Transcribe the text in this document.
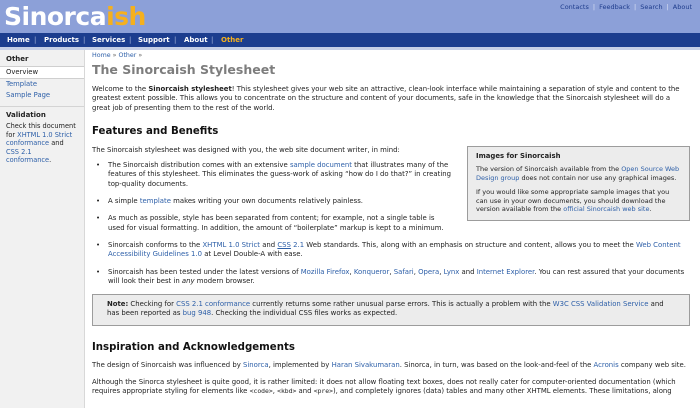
Sinorcaish	Contacts | Feedback | Search | About
Home | Products | Services | Support | About | Other
Other
Overview
Template
Sample Page
Validation
Check this document for XHTML 1.0 Strict conformance and CSS 2.1 conformance.
Home » Other »
The Sinorcaish Stylesheet

Welcome to the Sinorcaish stylesheet! This stylesheet gives your web site an attractive, clean-look interface while maintaining a separation of style and content to the greatest extent possible. This allows you to concentrate on the structure and content of your documents, safe in the knowledge that the Sinorcaish stylesheet will do a great job of presenting them to the rest of the world.

Features and Benefits

The Sinorcaish stylesheet was designed with you, the web site document writer, in mind:

• The Sinorcaish distribution comes with an extensive sample document that illustrates many of the features of this stylesheet. This eliminates the guess-work of asking “how do I do that?” in creating top-quality documents.
• A simple template makes writing your own documents relatively painless.
• As much as possible, style has been separated from content; for example, not a single table is used for visual formatting. In addition, the amount of “boilerplate” markup is kept to a minimum.
• Sinorcaish conforms to the XHTML 1.0 Strict and CSS 2.1 Web standards. This, along with an emphasis on structure and content, allows you to meet the Web Content Accessibility Guidelines 1.0 at Level Double-A with ease.
• Sinorcaish has been tested under the latest versions of Mozilla Firefox, Konqueror, Safari, Opera, Lynx and Internet Explorer. You can rest assured that your documents will look their best in any modern browser.
Images for Sinorcaish

The version of Sinorcaish available from the Open Source Web Design group does not contain nor use any graphical images.

If you would like some appropriate sample images that you can use in your own documents, you should download the version available from the official Sinorcaish web site.

Note: Checking for CSS 2.1 conformance currently returns some rather unusual parse errors. This is actually a problem with the W3C CSS Validation Service and has been reported as bug 948. Checking the individual CSS files works as expected.

Inspiration and Acknowledgements

The design of Sinorcaish was influenced by Sinorca, implemented by Haran Sivakumaran. Sinorca, in turn, was based on the look-and-feel of the Acronis company web site.

Although the Sinorca stylesheet is quite good, it is rather limited: it does not allow floating text boxes, does not really cater for computer-oriented documentation (which requires appropriate styling for elements like <code>, <kbd> and <pre>), and completely ignores (data) tables and many other XHTML elements. These limitations, along
